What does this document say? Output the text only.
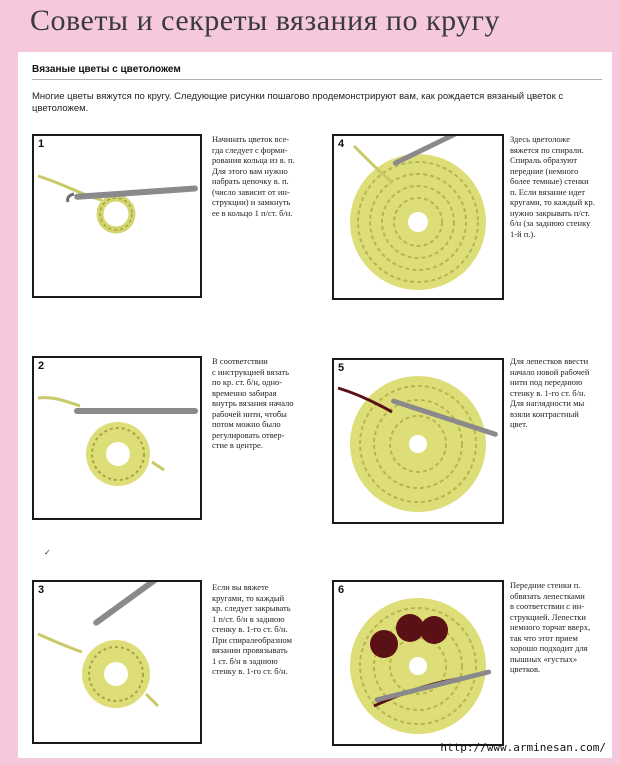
Советы и секреты вязания по кругу
Вязаные цветы с цветоложем
Многие цветы вяжутся по кругу. Следующие рисунки пошагово продемонстрируют вам, как рождается вязаный цветок с цветоложем.
1	Начинать цветок все-
гда следует с форми-
рования кольца из в. п.
Для этого вам нужно
набрать цепочку в. п.
(число зависит от ин-
струкции) и замкнуть
ее в кольцо 1 п/ст. б/н.
4	Здесь цветоложе
вяжется по спирали.
Спираль образуют
передние (немного
более темные) стенки
п. Если вязание идет
кругами, то каждый кр.
нужно закрывать п/ст.
б/н (за заднюю стенку
1-й п.).
2	В соответствии
с инструкцией вязать
по кр. ст. б/н, одно-
временно забирая
внутрь вязания начало
рабочей нити, чтобы
потом можно было
регулировать отвер-
стие в центре.
5
Для лепестков ввести
начало новой рабочей
нити под переднюю
стенку в. 1-го ст. б/н.
Для наглядности мы
взяли контрастный
цвет.
3	Если вы вяжете
кругами, то каждый
кр. следует закрывать
1 п/ст. б/н в заднюю
стенку в. 1-го ст. б/н.
При спиралеобразном
вязании провязывать
1 ст. б/н в заднюю
стенку в. 1-го ст. б/н.
6	Передние стенки п.
обвязать лепестками
в соответствии с ин-
струкцией. Лепестки
немного торчат вверх,
так что этот прием
хорошо подходит для
пышных «густых»
цветков.
✓
http://www.arminesan.com/
